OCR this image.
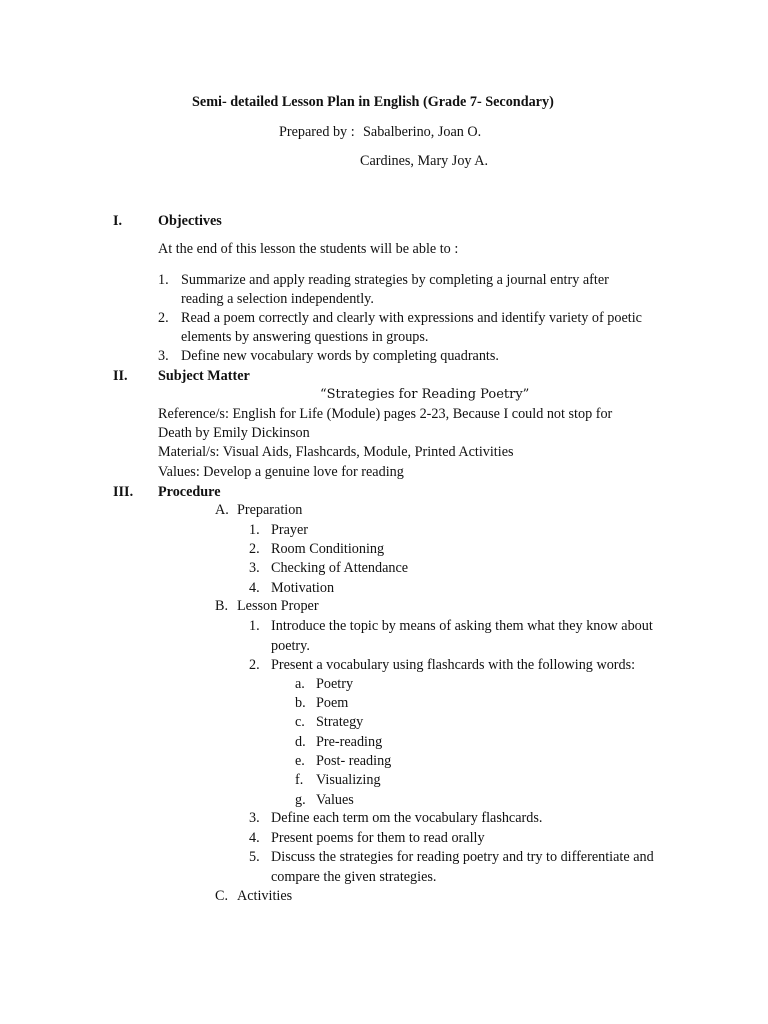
Semi- detailed Lesson Plan in English (Grade 7- Secondary)
Prepared by : Sabalberino, Joan O.
Cardines, Mary Joy A.
I.	Objectives
At the end of this lesson the students will be able to :
1. Summarize and apply reading strategies by completing a journal entry after
reading a selection independently.
2. Read a poem correctly and clearly with expressions and identify variety of poetic
elements by answering questions in groups.
3. Define new vocabulary words by completing quadrants.
II. Subject Matter
“Strategies for Reading Poetry”
Reference/s: English for Life (Module) pages 2-23, Because I could not stop for
Death by Emily Dickinson
Material/s: Visual Aids, Flashcards, Module, Printed Activities
Values: Develop a genuine love for reading
III. Procedure
A. Preparation
1. Prayer
2. Room Conditioning
3. Checking of Attendance
4. Motivation
B. Lesson Proper
1. Introduce the topic by means of asking them what they know about
poetry.
2. Present a vocabulary using flashcards with the following words:
a. Poetry
b. Poem
c. Strategy
d. Pre-reading
e. Post- reading
f. Visualizing
g. Values
3. Define each term om the vocabulary flashcards.
4. Present poems for them to read orally
5. Discuss the strategies for reading poetry and try to differentiate and
compare the given strategies.
C. Activities
